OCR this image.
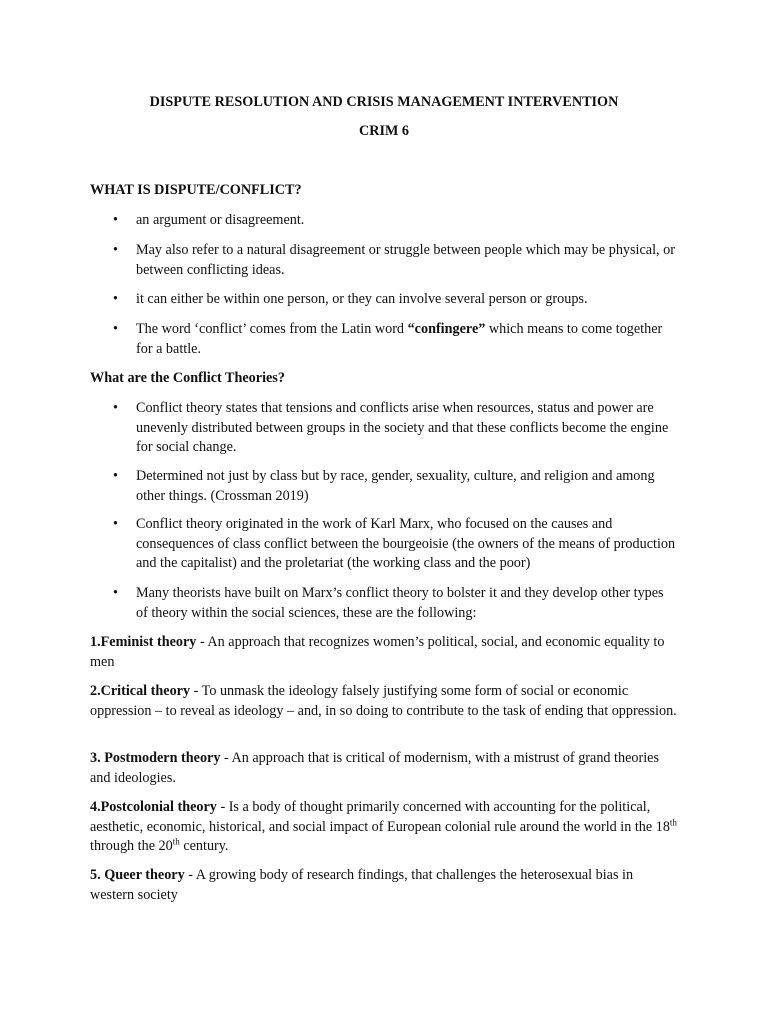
DISPUTE RESOLUTION AND CRISIS MANAGEMENT INTERVENTION
CRIM 6
WHAT IS DISPUTE/CONFLICT?
• an argument or disagreement.
• May also refer to a natural disagreement or struggle between people which may be physical, or between conflicting ideas.
• it can either be within one person, or they can involve several person or groups.
• The word ‘conflict’ comes from the Latin word “confingere” which means to come together for a battle.
What are the Conflict Theories?
• Conflict theory states that tensions and conflicts arise when resources, status and power are unevenly distributed between groups in the society and that these conflicts become the engine for social change.
• Determined not just by class but by race, gender, sexuality, culture, and religion and among other things. (Crossman 2019)
• Conflict theory originated in the work of Karl Marx, who focused on the causes and consequences of class conflict between the bourgeoisie (the owners of the means of production and the capitalist) and the proletariat (the working class and the poor)
• Many theorists have built on Marx’s conflict theory to bolster it and they develop other types of theory within the social sciences, these are the following:
1.Feminist theory - An approach that recognizes women’s political, social, and economic equality to men
2.Critical theory - To unmask the ideology falsely justifying some form of social or economic oppression – to reveal as ideology – and, in so doing to contribute to the task of ending that oppression.
3. Postmodern theory - An approach that is critical of modernism, with a mistrust of grand theories and ideologies.
4.Postcolonial theory - Is a body of thought primarily concerned with accounting for the political, aesthetic, economic, historical, and social impact of European colonial rule around the world in the 18th through the 20th century.
5. Queer theory - A growing body of research findings, that challenges the heterosexual bias in western society
